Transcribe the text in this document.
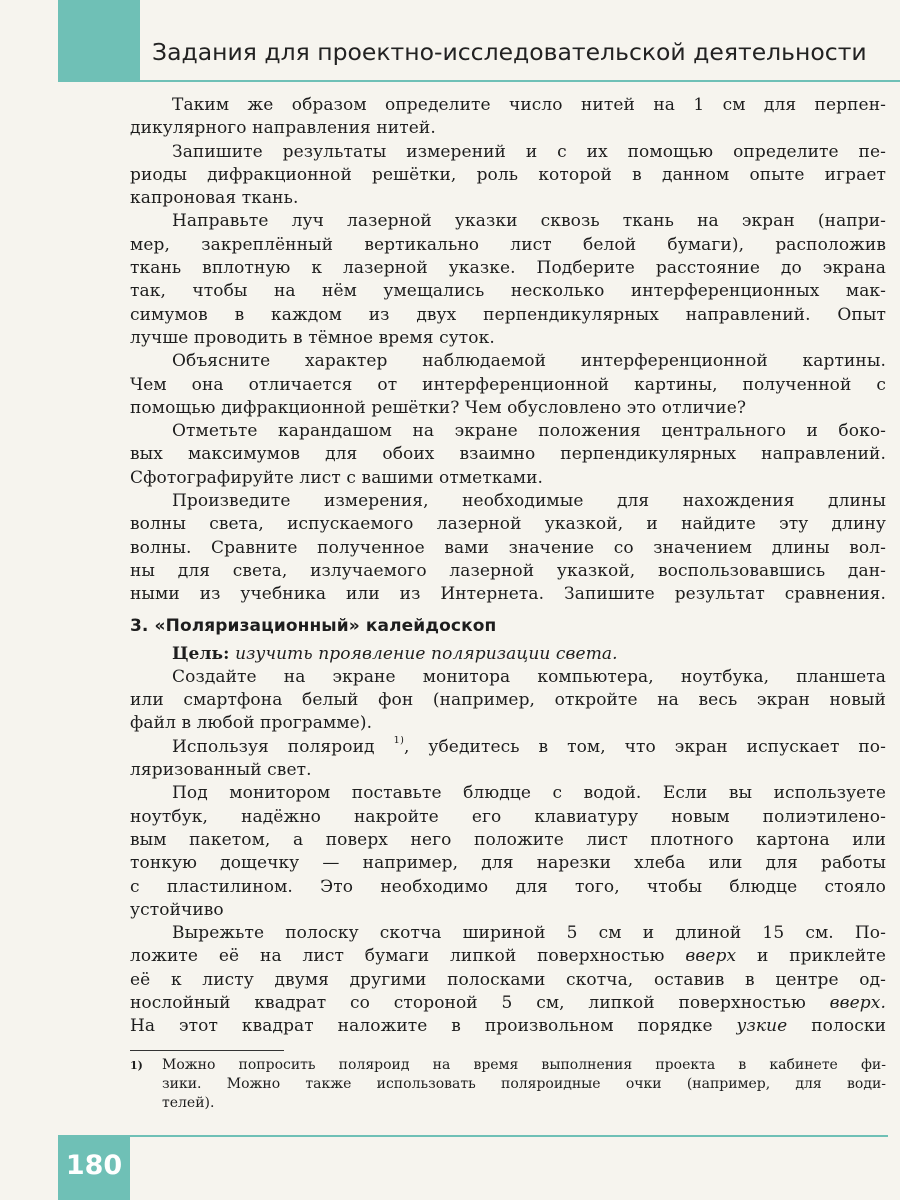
Задания для проектно-исследовательской деятельности
Таким же образом определите число нитей на 1 см для перпен-
дикулярного направления нитей.
Запишите результаты измерений и с их помощью определите пе-
риоды дифракционной решётки, роль которой в данном опыте играет
капроновая ткань.
Направьте луч лазерной указки сквозь ткань на экран (напри-
мер, закреплённый вертикально лист белой бумаги), расположив
ткань вплотную к лазерной указке. Подберите расстояние до экрана
так, чтобы на нём умещались несколько интерференционных мак-
симумов в каждом из двух перпендикулярных направлений. Опыт
лучше проводить в тёмное время суток.
Объясните характер наблюдаемой интерференционной картины.
Чем она отличается от интерференционной картины, полученной с
помощью дифракционной решётки? Чем обусловлено это отличие?
Отметьте карандашом на экране положения центрального и боко-
вых максимумов для обоих взаимно перпендикулярных направлений.
Сфотографируйте лист с вашими отметками.
Произведите измерения, необходимые для нахождения длины
волны света, испускаемого лазерной указкой, и найдите эту длину
волны. Сравните полученное вами значение со значением длины вол-
ны для света, излучаемого лазерной указкой, воспользовавшись дан-
ными из учебника или из Интернета. Запишите результат сравнения.
3. «Поляризационный» калейдоскоп
Цель: изучить проявление поляризации света.
Создайте на экране монитора компьютера, ноутбука, планшета
или смартфона белый фон (например, откройте на весь экран новый
файл в любой программе).
Используя поляроид $^{1)}$, убедитесь в том, что экран испускает по-
ляризованный свет.
Под монитором поставьте блюдце с водой. Если вы используете
ноутбук, надёжно накройте его клавиатуру новым полиэтилено-
вым пакетом, а поверх него положите лист плотного картона или
тонкую дощечку — например, для нарезки хлеба или для работы
с пластилином. Это необходимо для того, чтобы блюдце стояло
устойчиво
Вырежьте полоску скотча шириной 5 см и длиной 15 см. По-
ложите её на лист бумаги липкой поверхностью вверх и приклейте
её к листу двумя другими полосками скотча, оставив в центре од-
нослойный квадрат со стороной 5 см, липкой поверхностью вверх.
На этот квадрат наложите в произвольном порядке узкие полоски
1) Можно попросить поляроид на время выполнения проекта в кабинете фи-
зики. Можно также использовать поляроидные очки (например, для води-
телей).
180
